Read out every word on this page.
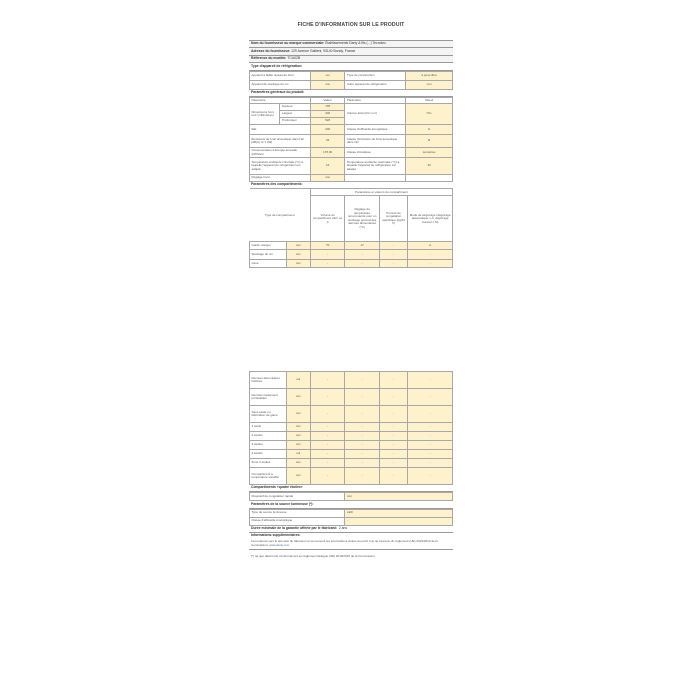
FICHE D'INFORMATION SUR LE PRODUIT
Nom du fournisseur ou marque commerciale: Établissements Darty & fils (...) Tecnolec
Adresse du fournisseur: 129 Avenue Gallieni, 93140 Bondy, France
Référence du modèle: TCA02B
Type d'appareil de réfrigération:
Appareil à faible niveau de bruit	oui	Type de construction	à pose libre
Appareil de stockage du vin	non	Autre appareil de réfrigération	non
Paramètres généraux du produit:
Paramètre		Valeur	Paramètre	Valeur
Dimensions hors tout (millimètres)	Hauteur	735	Volume total (dm³ ou l)	70 L
	Largeur	400		
	Profondeur	528		
IEE		200	Classe d'efficacité énergétique	G
Émissions de bruit acoustique dans l'air [dB(A) re 1 pW]		26	Classe d'émission de bruit acoustique dans l'air	B
Consommation d'énergie annuelle (kWh/an)		178,00	Classe climatique:	tempérée
Température ambiante minimale (°C) à laquelle l'appareil de réfrigération est adapté		16	Température ambiante maximale (°C) à laquelle l'appareil de réfrigération est adapté	32
Réglage hiver		non		
Paramètres des compartiments:
Type de compartiment		Paramètres et valeurs du compartiment			
		Volume du compartiment (dm³ ou l)	Réglage de température recommandé pour un stockage optimal des denrées alimentaires (°C)	Pouvoir de congélation spécifique (kg/24 h)	Mode de dégivrage (dégivrage automatique = A, dégivrage manuel = M)
Garde-manger	non	70	17	-	A
Stockage du vin	non	-	-	-	-
Cave	non	-	-	-	-
Denrées alimentaires fraîches	oui	-	-	-	-
Denrées hautement périssables	non	-	-	-	-
Sans étoile ou fabrication de glace	non	-	-	-	-
1 étoile	non	-	-	-	-
2 étoiles	non	-	-	-	-
3 étoiles	non	-	-	-	-
4 étoiles	oui	-	-	-	-
Zone 2 étoiles	non	-	-	-	-
Compartiment à température variable	non	-	-	-	-
Compartiments «quatre étoiles»
Dispositif de congélation rapide	non
Paramètres de la source lumineuse (*):
Type de source lumineuse	LED
Classe d'efficacité énergétique	-
Durée minimale de la garantie offerte par le fabricant: 2 ans
Informations supplémentaires:
Lien internet vers le site web du fabricant où se trouvent les informations visées au point 4 a) de l'annexe du règlement (UE) 2019/2019 de la Commission: www.darty.com
(*) tel que déterminé conformément au règlement délégué (UE) 2019/2015 de la Commission.
